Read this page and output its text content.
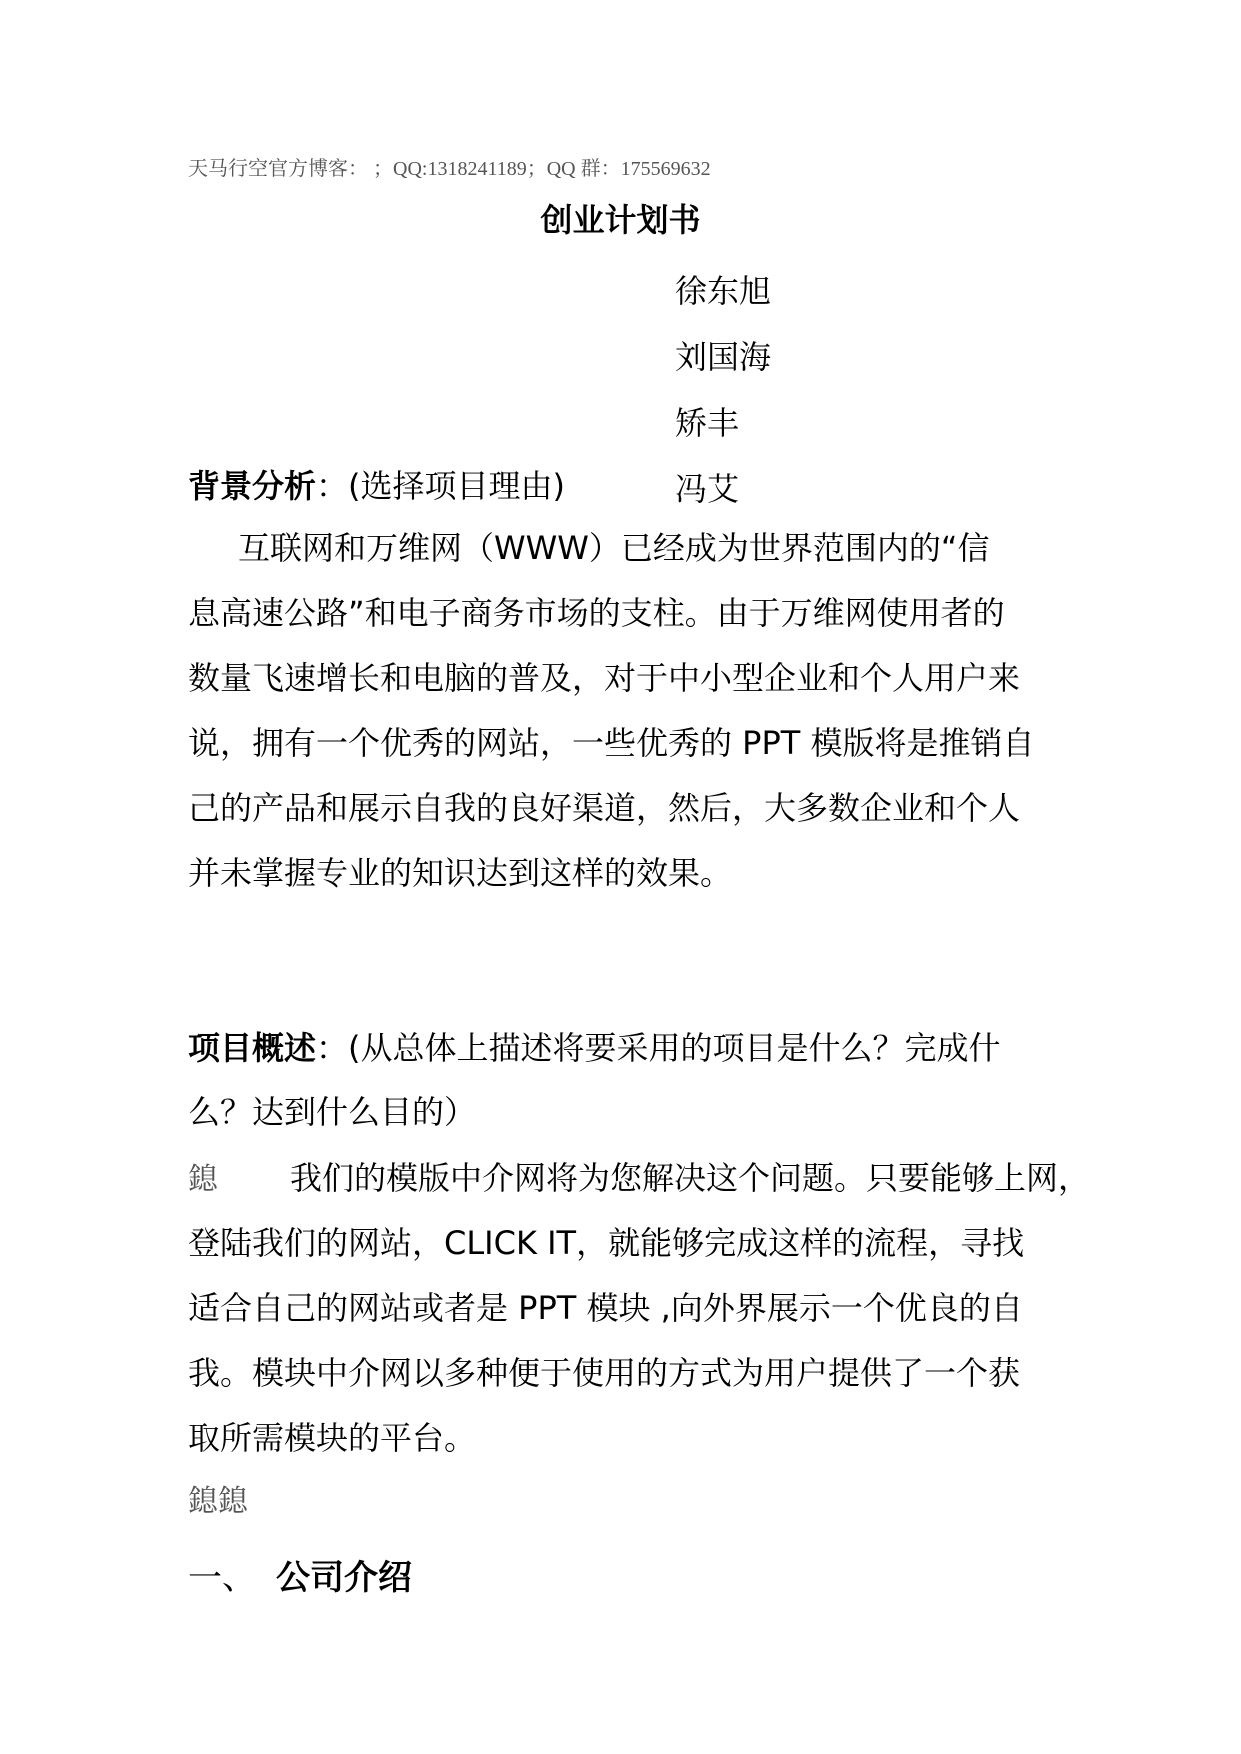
天马行空官方博客： ；QQ:1318241189；QQ 群：175569632
创业计划书
徐东旭
刘国海
矫丰
冯艾
背景分析：(选择项目理由)
互联网和万维网（WWW）已经成为世界范围内的“信
息高速公路”和电子商务市场的支柱。由于万维网使用者的
数量飞速增长和电脑的普及，对于中小型企业和个人用户来
说，拥有一个优秀的网站，一些优秀的 PPT 模版将是推销自
己的产品和展示自我的良好渠道，然后，大多数企业和个人
并未掌握专业的知识达到这样的效果。
项目概述：(从总体上描述将要采用的项目是什么？完成什
么？达到什么目的）
鎴 我们的模版中介网将为您解决这个问题。只要能够上网，
登陆我们的网站，CLICK IT，就能够完成这样的流程，寻找
适合自己的网站或者是 PPT 模块 ,向外界展示一个优良的自
我。模块中介网以多种便于使用的方式为用户提供了一个获
取所需模块的平台。
鎴鎴
一、 公司介绍
